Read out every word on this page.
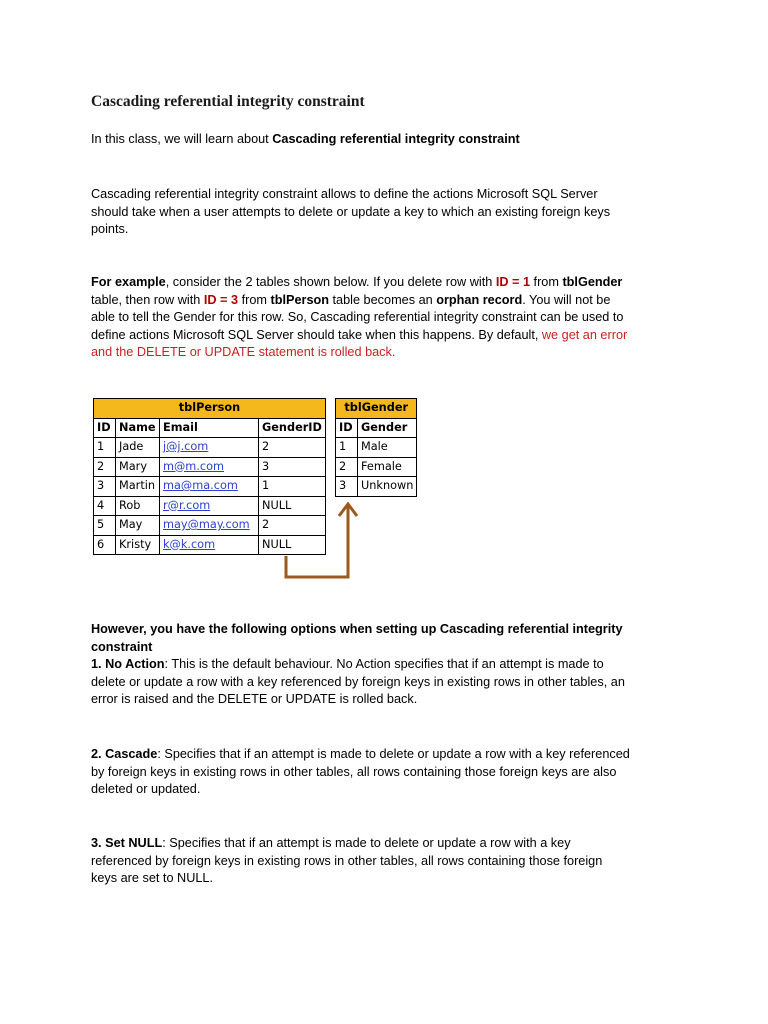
Cascading referential integrity constraint

In this class, we will learn about Cascading referential integrity constraint

Cascading referential integrity constraint allows to define the actions Microsoft SQL Server
should take when a user attempts to delete or update a key to which an existing foreign keys
points.

For example, consider the 2 tables shown below. If you delete row with ID = 1 from tblGender
table, then row with ID = 3 from tblPerson table becomes an orphan record. You will not be
able to tell the Gender for this row. So, Cascading referential integrity constraint can be used to
define actions Microsoft SQL Server should take when this happens. By default, we get an error
and the DELETE or UPDATE statement is rolled back.

tblPerson			
ID	Name	Email	GenderID
1	Jade	j@j.com	2
2	Mary	m@m.com	3
3	Martin	ma@ma.com	1
4	Rob	r@r.com	NULL
5	May	may@may.com	2
6	Kristy	k@k.com	NULL
tblGender	
ID	Gender
1	Male
2	Female
3	Unknown

However, you have the following options when setting up Cascading referential integrity
constraint
1. No Action: This is the default behaviour. No Action specifies that if an attempt is made to
delete or update a row with a key referenced by foreign keys in existing rows in other tables, an
error is raised and the DELETE or UPDATE is rolled back.

2. Cascade: Specifies that if an attempt is made to delete or update a row with a key referenced
by foreign keys in existing rows in other tables, all rows containing those foreign keys are also
deleted or updated.

3. Set NULL: Specifies that if an attempt is made to delete or update a row with a key
referenced by foreign keys in existing rows in other tables, all rows containing those foreign
keys are set to NULL.
